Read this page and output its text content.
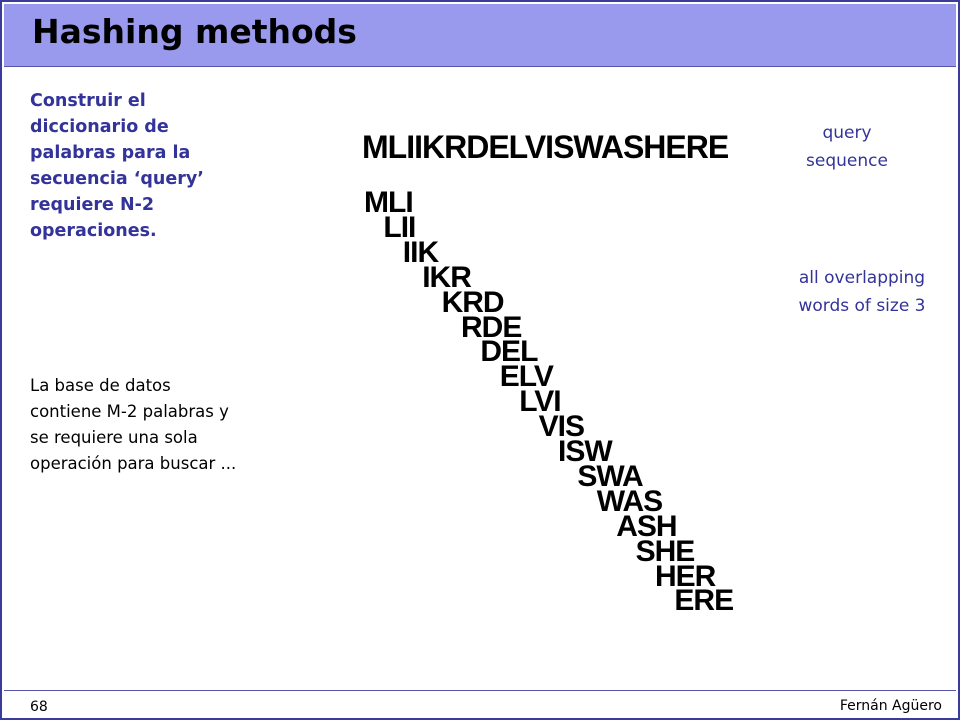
Hashing methods
Construir el
diccionario de
palabras para la
secuencia ‘query’
requiere N-2
operaciones.
La base de datos
contiene M-2 palabras y
se requiere una sola
operación para buscar ...
MLIIKRDELVISWASHERE
MLI
LII
IIK
IKR
KRD
RDE
DEL
ELV
LVI
VIS
ISW
SWA
WAS
ASH
SHE
HER
ERE
query
sequence
all overlapping
words of size 3
68	Fernán Agüero
